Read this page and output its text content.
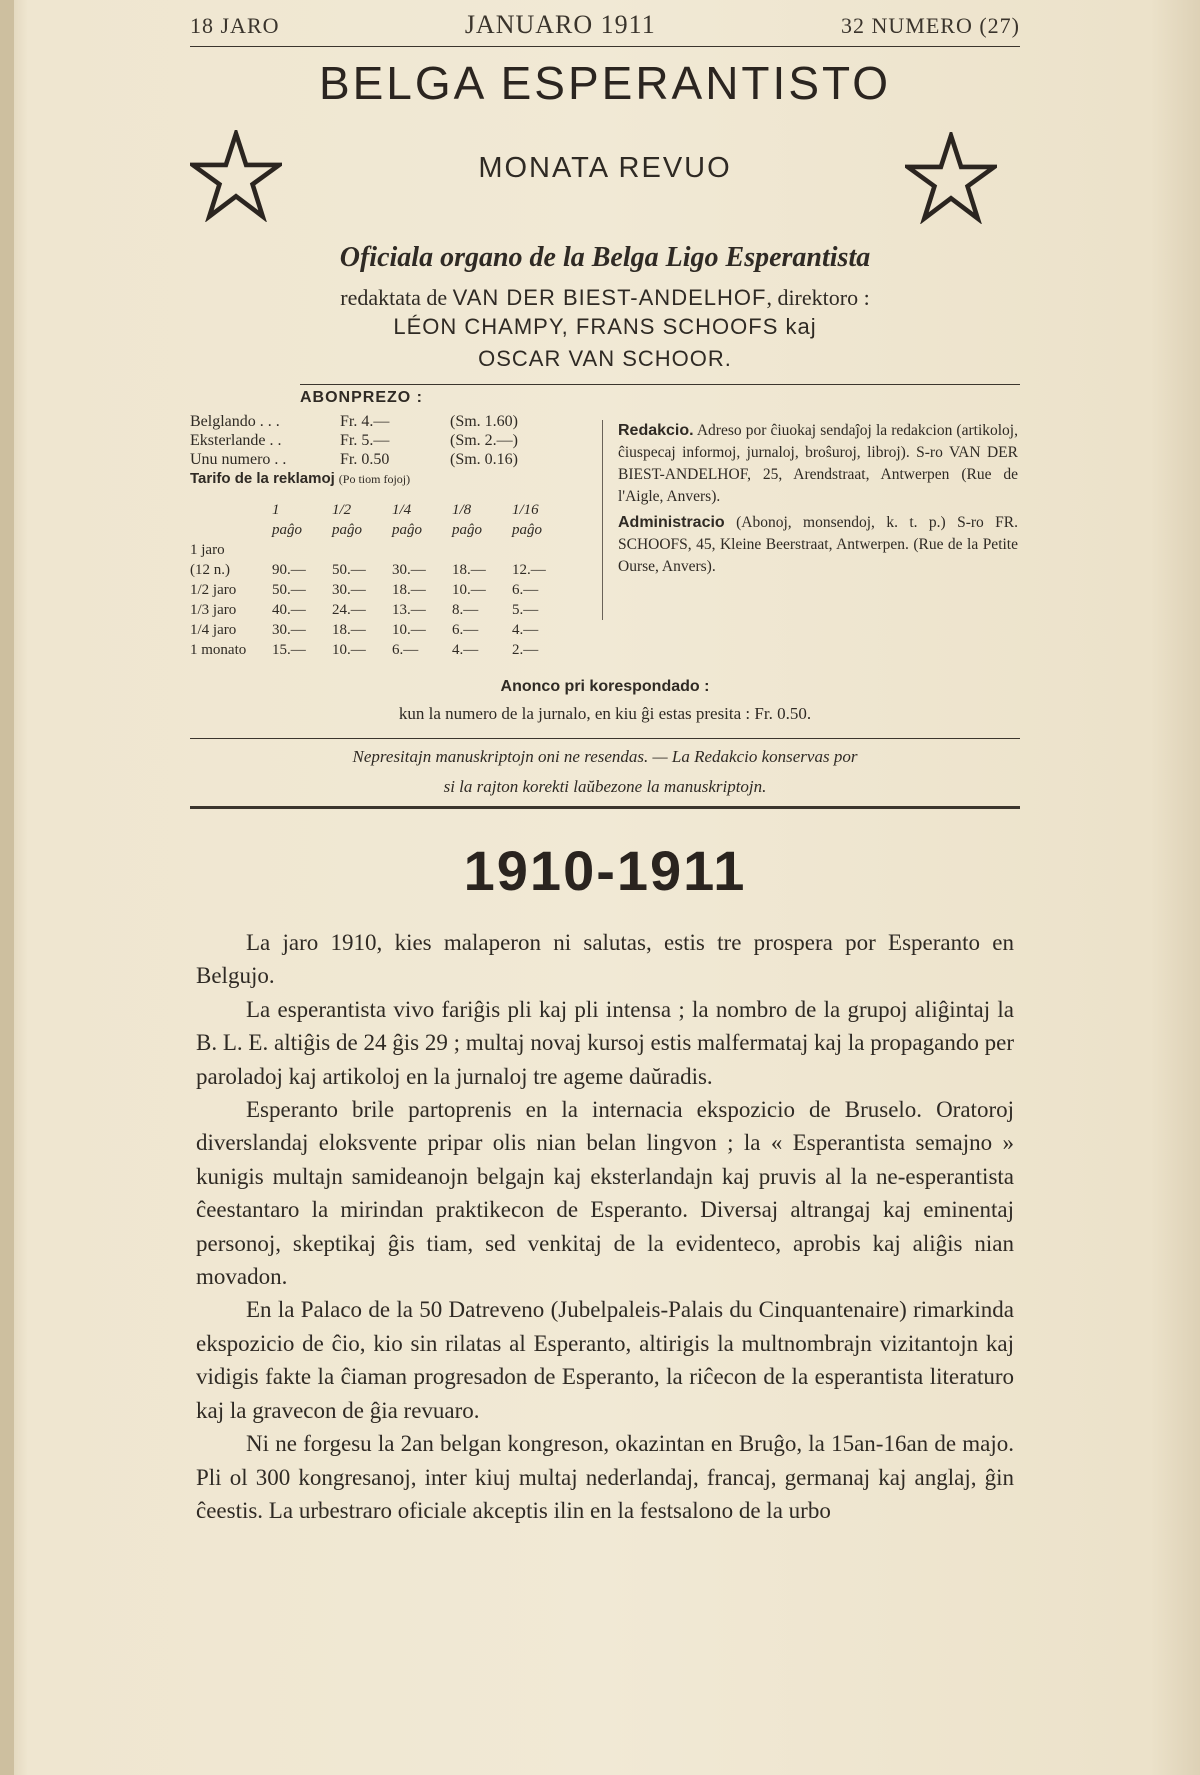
18 JARO	JANUARO 1911	32 NUMERO (27)
BELGA ESPERANTISTO
MONATA REVUO
Oficiala organo de la Belga Ligo Esperantista
redaktata de VAN DER BIEST-ANDELHOF, direktoro :
LÉON CHAMPY, FRANS SCHOOFS kaj
OSCAR VAN SCHOOR.
ABONPREZO :
Belglando . . .	Fr. 4.—	(Sm. 1.60)
Eksterlande . .	Fr. 5.—	(Sm. 2.—)
Unu numero . .	Fr. 0.50	(Sm. 0.16)
Tarifo de la reklamoj (Po tiom fojoj)
1	1/2	1/4	1/8	1/16
paĝo	paĝo	paĝo	paĝo	paĝo
1 jaro
(12 n.)	90.—	50.—	30.—	18.—	12.—
1/2 jaro	50.—	30.—	18.—	10.—	6.—
1/3 jaro	40.—	24.—	13.—	8.—	5.—
1/4 jaro	30.—	18.—	10.—	6.—	4.—
1 monato	15.—	10.—	6.—	4.—	2.—
Redakcio. Adreso por ĉiuokaj sendaĵoj la redakcion (artikoloj, ĉiuspecaj informoj, jurnaloj, broŝuroj, libroj). S-ro VAN DER BIEST-ANDELHOF, 25, Arendstraat, Antwerpen (Rue de l'Aigle, Anvers).
Administracio (Abonoj, monsendoj, k. t. p.) S-ro FR. SCHOOFS, 45, Kleine Beerstraat, Antwerpen. (Rue de la Petite Ourse, Anvers).
Anonco pri korespondado :
kun la numero de la jurnalo, en kiu ĝi estas presita : Fr. 0.50.
Nepresitajn manuskriptojn oni ne resendas. — La Redakcio konservas por
si la rajton korekti laŭbezone la manuskriptojn.
1910-1911

La jaro 1910, kies malaperon ni salutas, estis tre prospera por Esperanto en Belgujo.

La esperantista vivo fariĝis pli kaj pli intensa ; la nombro de la grupoj aliĝintaj la B. L. E. altiĝis de 24 ĝis 29 ; multaj novaj kursoj estis malfermataj kaj la propagando per paroladoj kaj artikoloj en la jurnaloj tre ageme daŭradis.

Esperanto brile partoprenis en la internacia ekspozicio de Bruselo. Oratoroj diverslandaj eloksvente pripar olis nian belan lingvon ; la « Esperantista semajno » kunigis multajn samideanojn belgajn kaj eksterlandajn kaj pruvis al la ne-esperantista ĉeestantaro la mirindan praktikecon de Esperanto. Diversaj altrangaj kaj eminentaj personoj, skeptikaj ĝis tiam, sed venkitaj de la evidenteco, aprobis kaj aliĝis nian movadon.

En la Palaco de la 50 Datreveno (Jubelpaleis-Palais du Cinquantenaire) rimarkinda ekspozicio de ĉio, kio sin rilatas al Esperanto, altirigis la multnombrajn vizitantojn kaj vidigis fakte la ĉiaman progresadon de Esperanto, la riĉecon de la esperantista literaturo kaj la gravecon de ĝia revuaro.

Ni ne forgesu la 2an belgan kongreson, okazintan en Bruĝo, la 15an-16an de majo. Pli ol 300 kongresanoj, inter kiuj multaj nederlandaj, francaj, germanaj kaj anglaj, ĝin ĉeestis. La urbestraro oficiale akceptis ilin en la festsalono de la urbo
